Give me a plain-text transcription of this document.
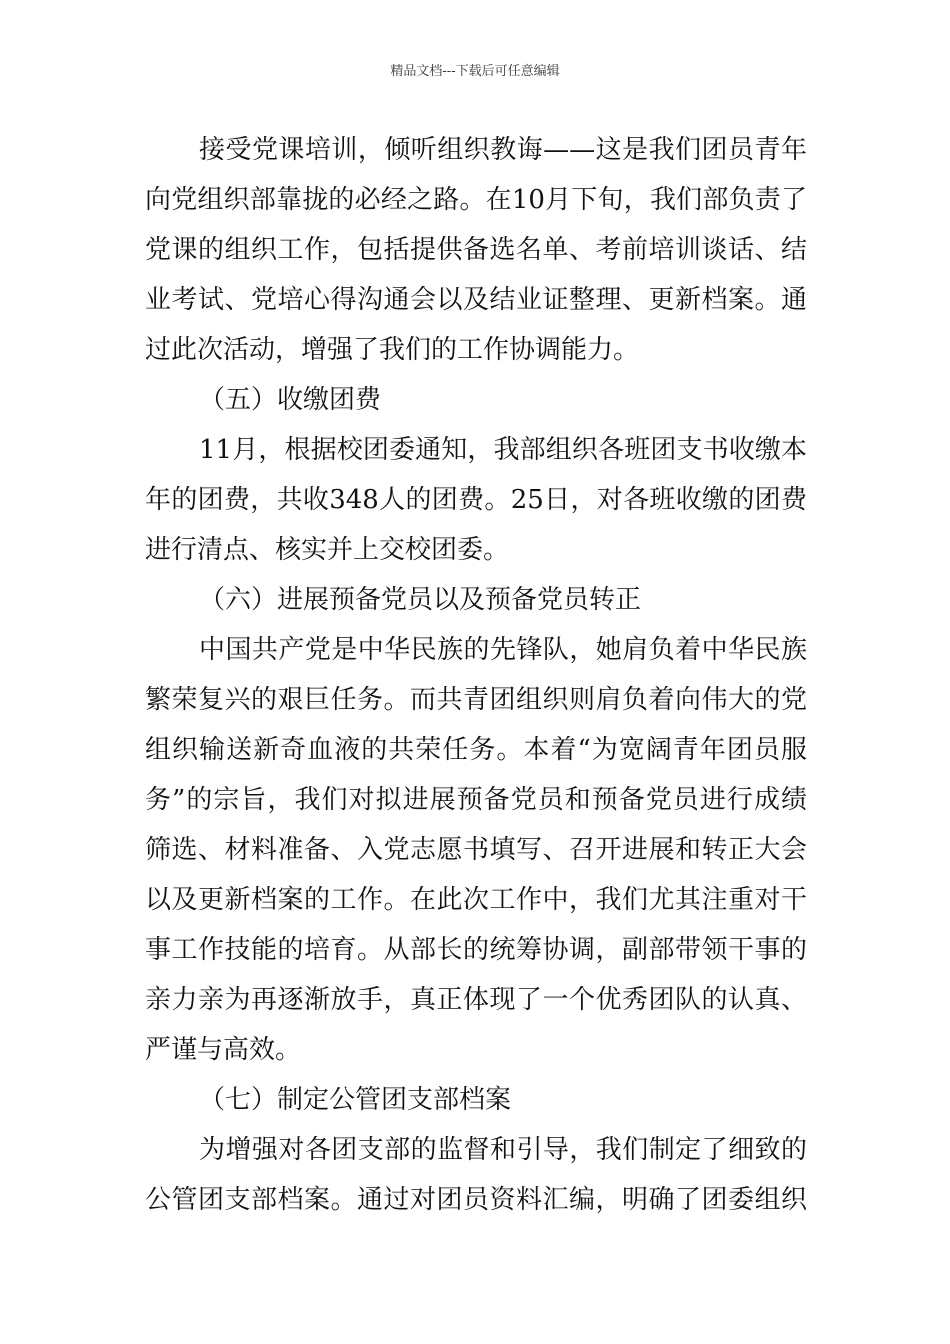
精品文档---下载后可任意编辑
接受党课培训，倾听组织教诲——这是我们团员青年
向党组织部靠拢的必经之路。在10月下旬，我们部负责了
党课的组织工作，包括提供备选名单、考前培训谈话、结
业考试、党培心得沟通会以及结业证整理、更新档案。通
过此次活动，增强了我们的工作协调能力。
（五）收缴团费
11月，根据校团委通知，我部组织各班团支书收缴本
年的团费，共收348人的团费。25日，对各班收缴的团费
进行清点、核实并上交校团委。
（六）进展预备党员以及预备党员转正
中国共产党是中华民族的先锋队，她肩负着中华民族
繁荣复兴的艰巨任务。而共青团组织则肩负着向伟大的党
组织输送新奇血液的共荣任务。本着“为宽阔青年团员服
务”的宗旨，我们对拟进展预备党员和预备党员进行成绩
筛选、材料准备、入党志愿书填写、召开进展和转正大会
以及更新档案的工作。在此次工作中，我们尤其注重对干
事工作技能的培育。从部长的统筹协调，副部带领干事的
亲力亲为再逐渐放手，真正体现了一个优秀团队的认真、
严谨与高效。
（七）制定公管团支部档案
为增强对各团支部的监督和引导，我们制定了细致的
公管团支部档案。通过对团员资料汇编，明确了团委组织
